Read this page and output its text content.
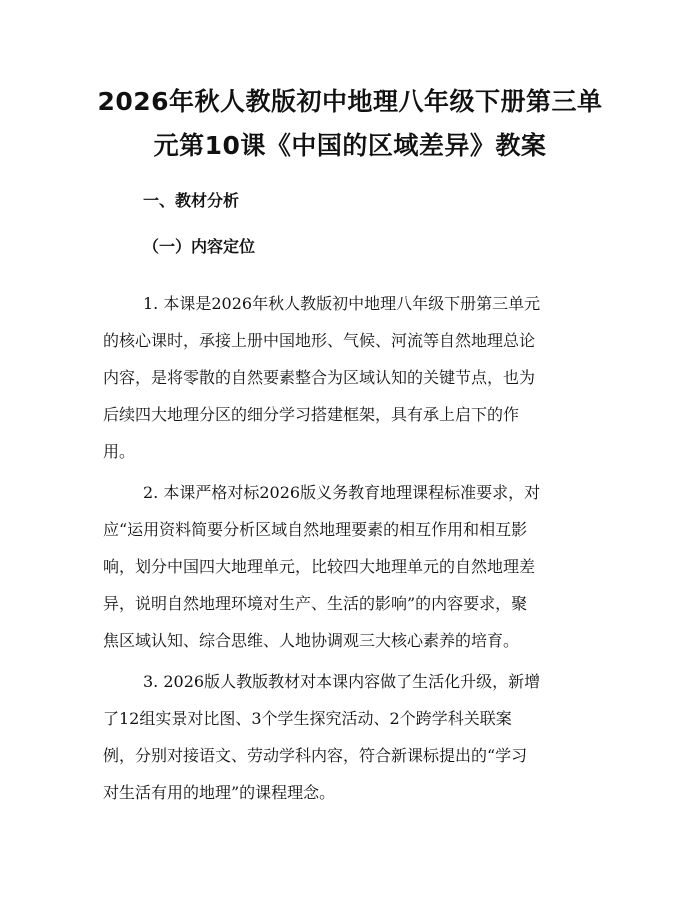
2026年秋人教版初中地理八年级下册第三单
元第10课《中国的区域差异》教案
一、教材分析
（一）内容定位

1. 本课是2026年秋人教版初中地理八年级下册第三单元
的核心课时，承接上册中国地形、气候、河流等自然地理总论
内容，是将零散的自然要素整合为区域认知的关键节点，也为
后续四大地理分区的细分学习搭建框架，具有承上启下的作
用。

2. 本课严格对标2026版义务教育地理课程标准要求，对
应“运用资料简要分析区域自然地理要素的相互作用和相互影
响，划分中国四大地理单元，比较四大地理单元的自然地理差
异，说明自然地理环境对生产、生活的影响”的内容要求，聚
焦区域认知、综合思维、人地协调观三大核心素养的培育。

3. 2026版人教版教材对本课内容做了生活化升级，新增
了12组实景对比图、3个学生探究活动、2个跨学科关联案
例，分别对接语文、劳动学科内容，符合新课标提出的“学习
对生活有用的地理”的课程理念。
